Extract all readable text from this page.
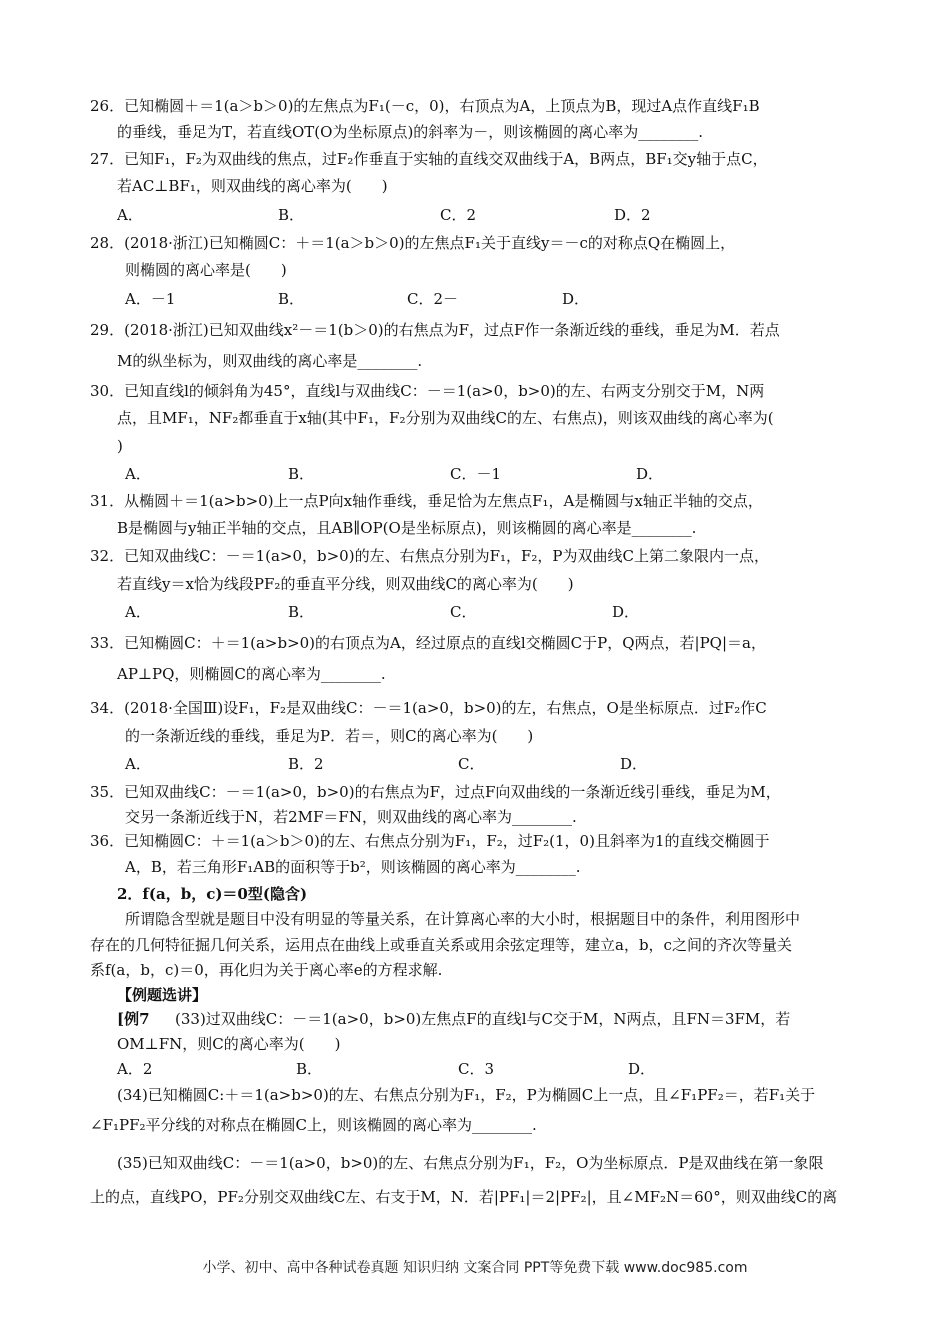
26．已知椭圆＋＝1(a＞b＞0)的左焦点为F₁(－c，0)，右顶点为A，上顶点为B，现过A点作直线F₁B
的垂线，垂足为T，若直线OT(O为坐标原点)的斜率为－，则该椭圆的离心率为________.
27．已知F₁，F₂为双曲线的焦点，过F₂作垂直于实轴的直线交双曲线于A，B两点，BF₁交y轴于点C，
若AC⊥BF₁，则双曲线的离心率为(　　)
A．	B．	C．2	D．2
28．(2018·浙江)已知椭圆C：＋＝1(a＞b＞0)的左焦点F₁关于直线y＝－c的对称点Q在椭圆上，
则椭圆的离心率是(　　)
A．－1	B．	C．2－	D．
29．(2018·浙江)已知双曲线x²－＝1(b＞0)的右焦点为F，过点F作一条渐近线的垂线，垂足为M．若点
M的纵坐标为，则双曲线的离心率是________.
30．已知直线l的倾斜角为45°，直线l与双曲线C：－＝1(a>0，b>0)的左、右两支分别交于M，N两
点，且MF₁，NF₂都垂直于x轴(其中F₁，F₂分别为双曲线C的左、右焦点)，则该双曲线的离心率为(
)
A．	B．	C．－1	D．
31．从椭圆＋＝1(a>b>0)上一点P向x轴作垂线，垂足恰为左焦点F₁，A是椭圆与x轴正半轴的交点，
B是椭圆与y轴正半轴的交点，且AB∥OP(O是坐标原点)，则该椭圆的离心率是________.
32．已知双曲线C：－＝1(a>0，b>0)的左、右焦点分别为F₁，F₂，P为双曲线C上第二象限内一点，
若直线y＝x恰为线段PF₂的垂直平分线，则双曲线C的离心率为(　　)
A．	B．	C．	D．
33．已知椭圆C：＋＝1(a>b>0)的右顶点为A，经过原点的直线l交椭圆C于P，Q两点，若|PQ|＝a，
AP⊥PQ，则椭圆C的离心率为________.
34．(2018·全国Ⅲ)设F₁，F₂是双曲线C：－＝1(a>0，b>0)的左，右焦点，O是坐标原点．过F₂作C
的一条渐近线的垂线，垂足为P．若＝，则C的离心率为(　　)
A．	B．2	C．	D．
35．已知双曲线C：－＝1(a>0，b>0)的右焦点为F，过点F向双曲线的一条渐近线引垂线，垂足为M，
交另一条渐近线于N，若2MF＝FN，则双曲线的离心率为________.
36．已知椭圆C：＋＝1(a＞b＞0)的左、右焦点分别为F₁，F₂，过F₂(1，0)且斜率为1的直线交椭圆于
A，B，若三角形F₁AB的面积等于b²，则该椭圆的离心率为________.
2．f(a，b，c)＝0型(隐含)
所谓隐含型就是题目中没有明显的等量关系，在计算离心率的大小时，根据题目中的条件，利用图形中
存在的几何特征掘几何关系，运用点在曲线上或垂直关系或用余弦定理等，建立a，b，c之间的齐次等量关
系f(a，b，c)＝0，再化归为关于离心率e的方程求解.
【例题选讲】
[例7 (33)过双曲线C：－＝1(a>0，b>0)左焦点F的直线l与C交于M，N两点，且FN＝3FM，若
OM⊥FN，则C的离心率为(　　)
A．2	B．	C．3	D．
(34)已知椭圆C:＋＝1(a>b>0)的左、右焦点分别为F₁，F₂，P为椭圆C上一点，且∠F₁PF₂＝，若F₁关于
∠F₁PF₂平分线的对称点在椭圆C上，则该椭圆的离心率为________.
(35)已知双曲线C：－＝1(a>0，b>0)的左、右焦点分别为F₁，F₂，O为坐标原点．P是双曲线在第一象限
上的点，直线PO，PF₂分别交双曲线C左、右支于M，N．若|PF₁|＝2|PF₂|，且∠MF₂N＝60°，则双曲线C的离
小学、初中、高中各种试卷真题 知识归纳 文案合同 PPT等免费下载 www.doc985.com
